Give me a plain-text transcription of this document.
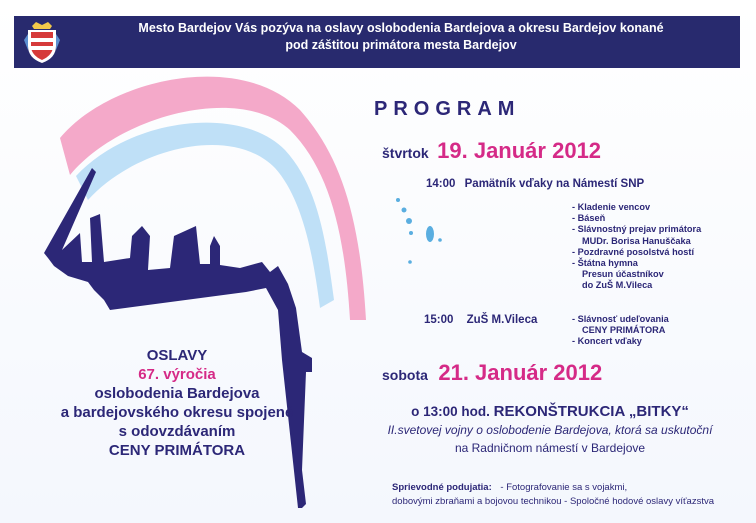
Mesto Bardejov Vás pozýva na oslavy oslobodenia Bardejova a okresu Bardejov konané
pod záštitou primátora mesta Bardejov
PROGRAM
štvrtok 19. Január 2012
14:00 Pamätník vďaky na Námestí SNP
- Kladenie vencov
- Báseň
- Slávnostný prejav primátora
MUDr. Borisa Hanuščaka
- Pozdravné posolstvá hostí
- Štátna hymna
Presun účastníkov
do ZuŠ M.Vileca
15:00 ZuŠ M.Vileca	- Slávnosť udeľovania
CENY PRIMÁTORA
- Koncert vďaky
sobota 21. Január 2012
o 13:00 hod. REKONŠTRUKCIA „BITKY“
II.svetovej vojny o oslobodenie Bardejova, ktorá sa uskutoční
na Radničnom námestí v Bardejove
OSLAVY
67. výročia
oslobodenia Bardejova
a bardejovského okresu spojené
s odovzdávaním
CENY PRIMÁTORA
Sprievodné podujatia: - Fotografovanie sa s vojakmi,
dobovými zbraňami a bojovou technikou - Spoločné hodové oslavy víťazstva
